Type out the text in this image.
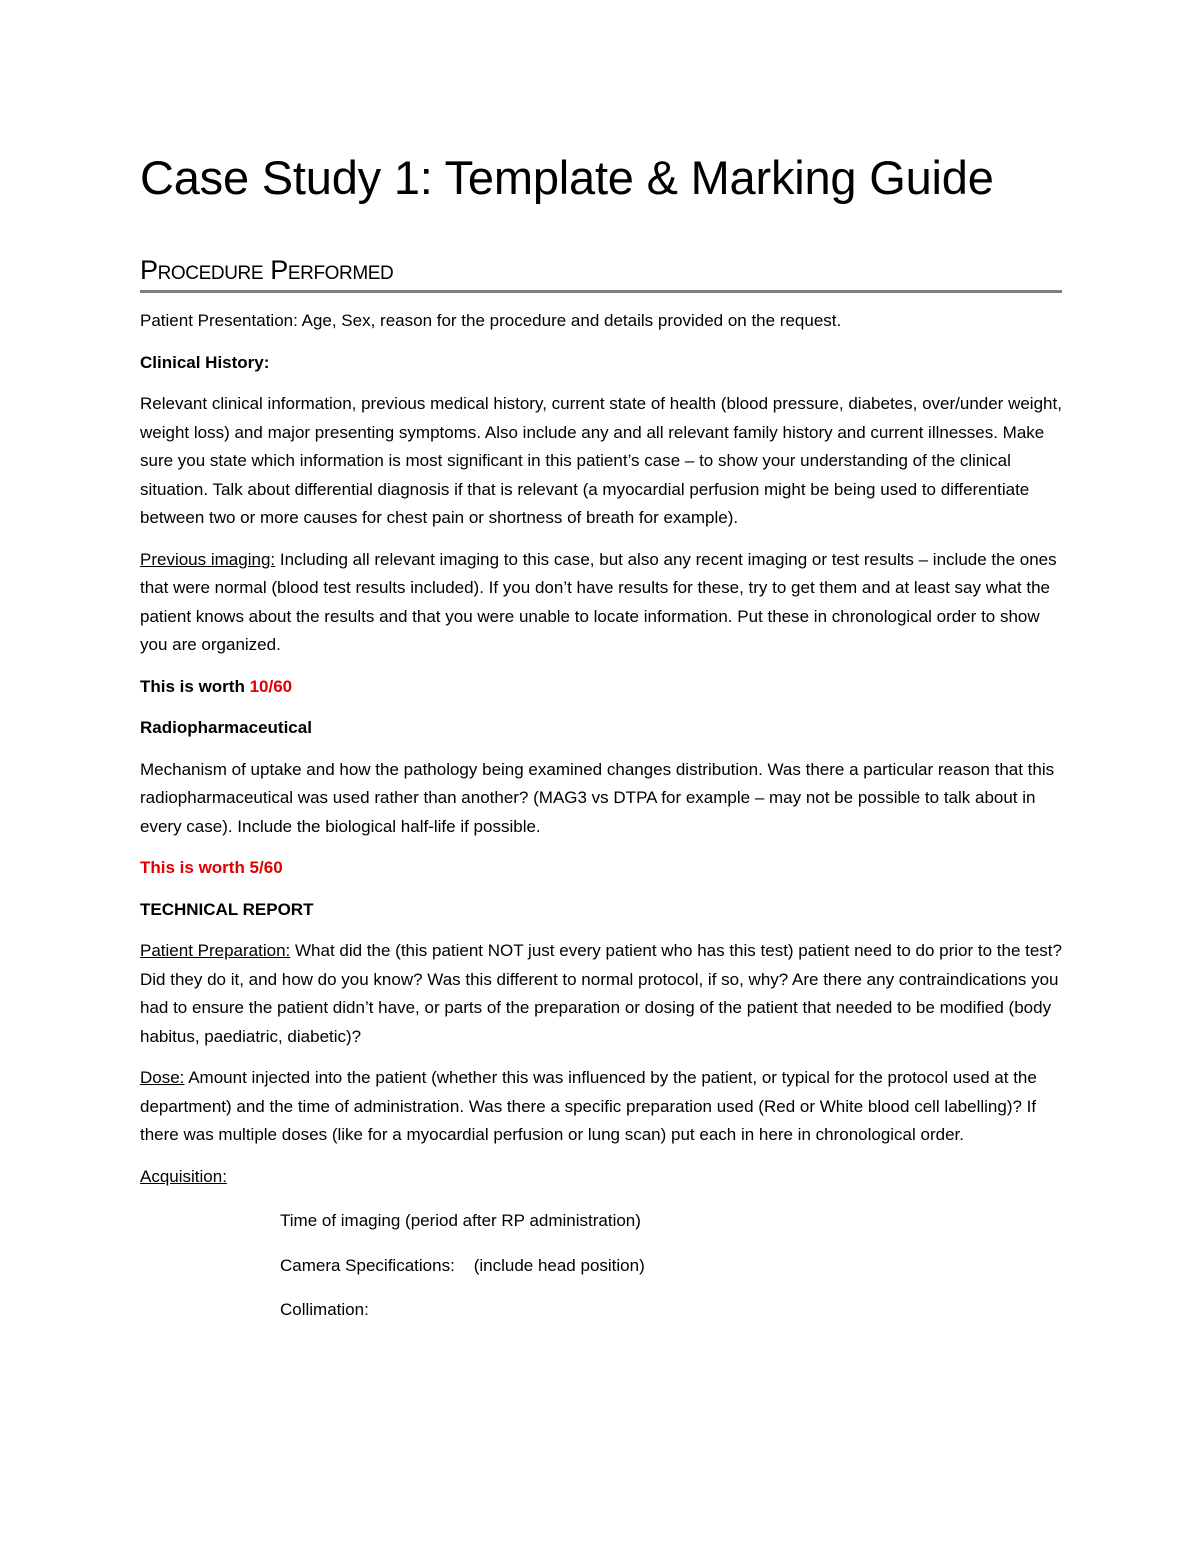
Case Study 1: Template & Marking Guide
Procedure Performed

Patient Presentation: Age, Sex, reason for the procedure and details provided on the request.

Clinical History:

Relevant clinical information, previous medical history, current state of health (blood pressure, diabetes, over/under weight, weight loss) and major presenting symptoms. Also include any and all relevant family history and current illnesses. Make sure you state which information is most significant in this patient’s case – to show your understanding of the clinical situation. Talk about differential diagnosis if that is relevant (a myocardial perfusion might be being used to differentiate between two or more causes for chest pain or shortness of breath for example).

Previous imaging: Including all relevant imaging to this case, but also any recent imaging or test results – include the ones that were normal (blood test results included). If you don’t have results for these, try to get them and at least say what the patient knows about the results and that you were unable to locate information. Put these in chronological order to show you are organized.

This is worth 10/60

Radiopharmaceutical

Mechanism of uptake and how the pathology being examined changes distribution. Was there a particular reason that this radiopharmaceutical was used rather than another? (MAG3 vs DTPA for example – may not be possible to talk about in every case). Include the biological half-life if possible.

This is worth 5/60

TECHNICAL REPORT

Patient Preparation: What did the (this patient NOT just every patient who has this test) patient need to do prior to the test? Did they do it, and how do you know? Was this different to normal protocol, if so, why? Are there any contraindications you had to ensure the patient didn’t have, or parts of the preparation or dosing of the patient that needed to be modified (body habitus, paediatric, diabetic)?

Dose: Amount injected into the patient (whether this was influenced by the patient, or typical for the protocol used at the department) and the time of administration. Was there a specific preparation used (Red or White blood cell labelling)? If there was multiple doses (like for a myocardial perfusion or lung scan) put each in here in chronological order.

Acquisition:

Time of imaging (period after RP administration)

Camera Specifications:    (include head position)

Collimation:
